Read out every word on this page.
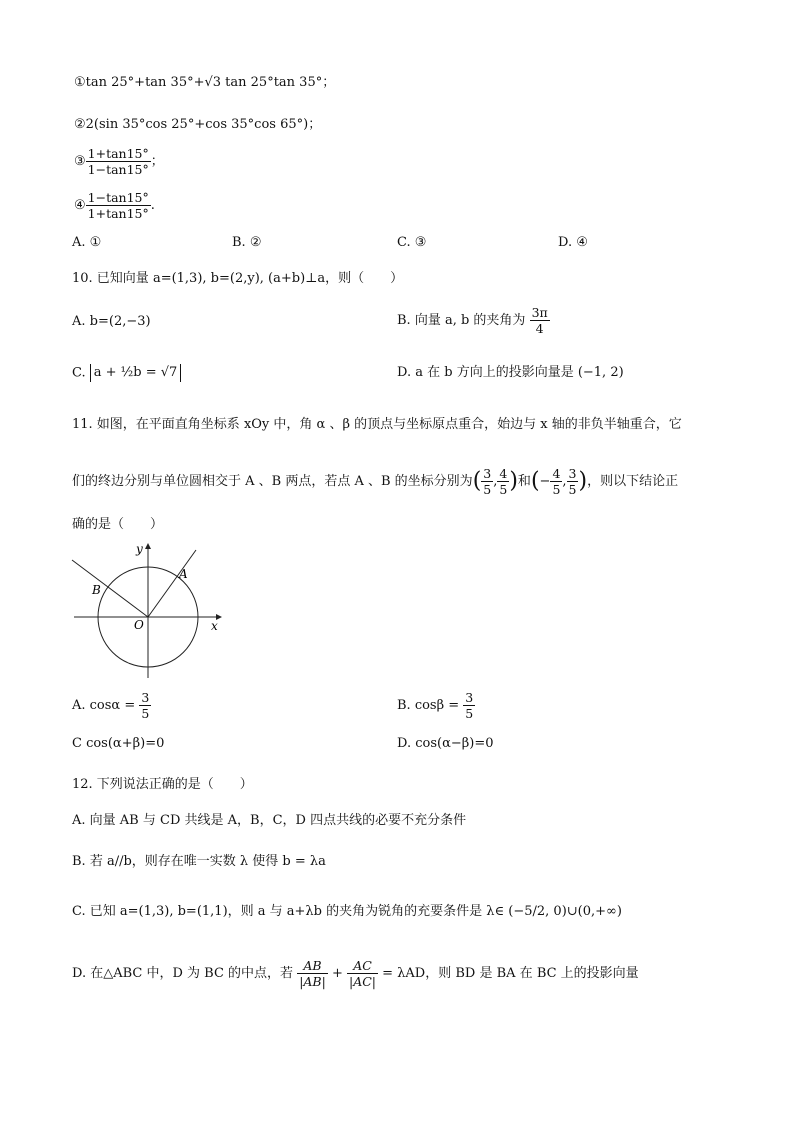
①tan 25°+tan 35°+√3 tan 25°tan 35°；
②2(sin 35°cos 25°+cos 35°cos 65°)；
③ $\frac{1+\tan 15^\circ}{1-\tan 15^\circ}$ ；
④ $\frac{1-\tan 15^\circ}{1+\tan 15^\circ}$ .
A. ①	B. ②	C. ③	D. ④
10. 已知向量 a=(1,3), b=(2,y), (a+b)⊥a，则（　　）
A. b=(2,−3)	B. 向量 a, b 的夹角为 $\frac{3\pi}{4}$
C. a + ½b = √7	D. a 在 b 方向上的投影向量是 (−1, 2)
11. 如图，在平面直角坐标系 xOy 中，角 α 、β 的顶点与坐标原点重合，始边与 x 轴的非负半轴重合，它
们的终边分别与单位圆相交于 A 、B 两点，若点 A 、B 的坐标分别为( $\frac{3}{5}$ , $\frac{4}{5}$ )和(− $\frac{4}{5}$ , $\frac{3}{5}$ )，则以下结论正
确的是（　　）
y
x
O
A
B
A. $\cos\alpha = \frac{3}{5}$	B. $\cos\beta = \frac{3}{5}$
C cos(α+β)=0	D. cos(α−β)=0
12. 下列说法正确的是（　　）
A. 向量 AB 与 CD 共线是 A，B，C，D 四点共线的必要不充分条件
B. 若 a//b，则存在唯一实数 λ 使得 b = λa
C. 已知 a=(1,3), b=(1,1)，则 a 与 a+λb 的夹角为锐角的充要条件是 λ∈ (−5/2, 0)∪(0,+∞)
D. 在△ABC 中，D 为 BC 的中点，若 $\frac{AB}{|AB|} + \frac{AC}{|AC|} = \lambda AD$，则 BD 是 BA 在 BC 上的投影向量
